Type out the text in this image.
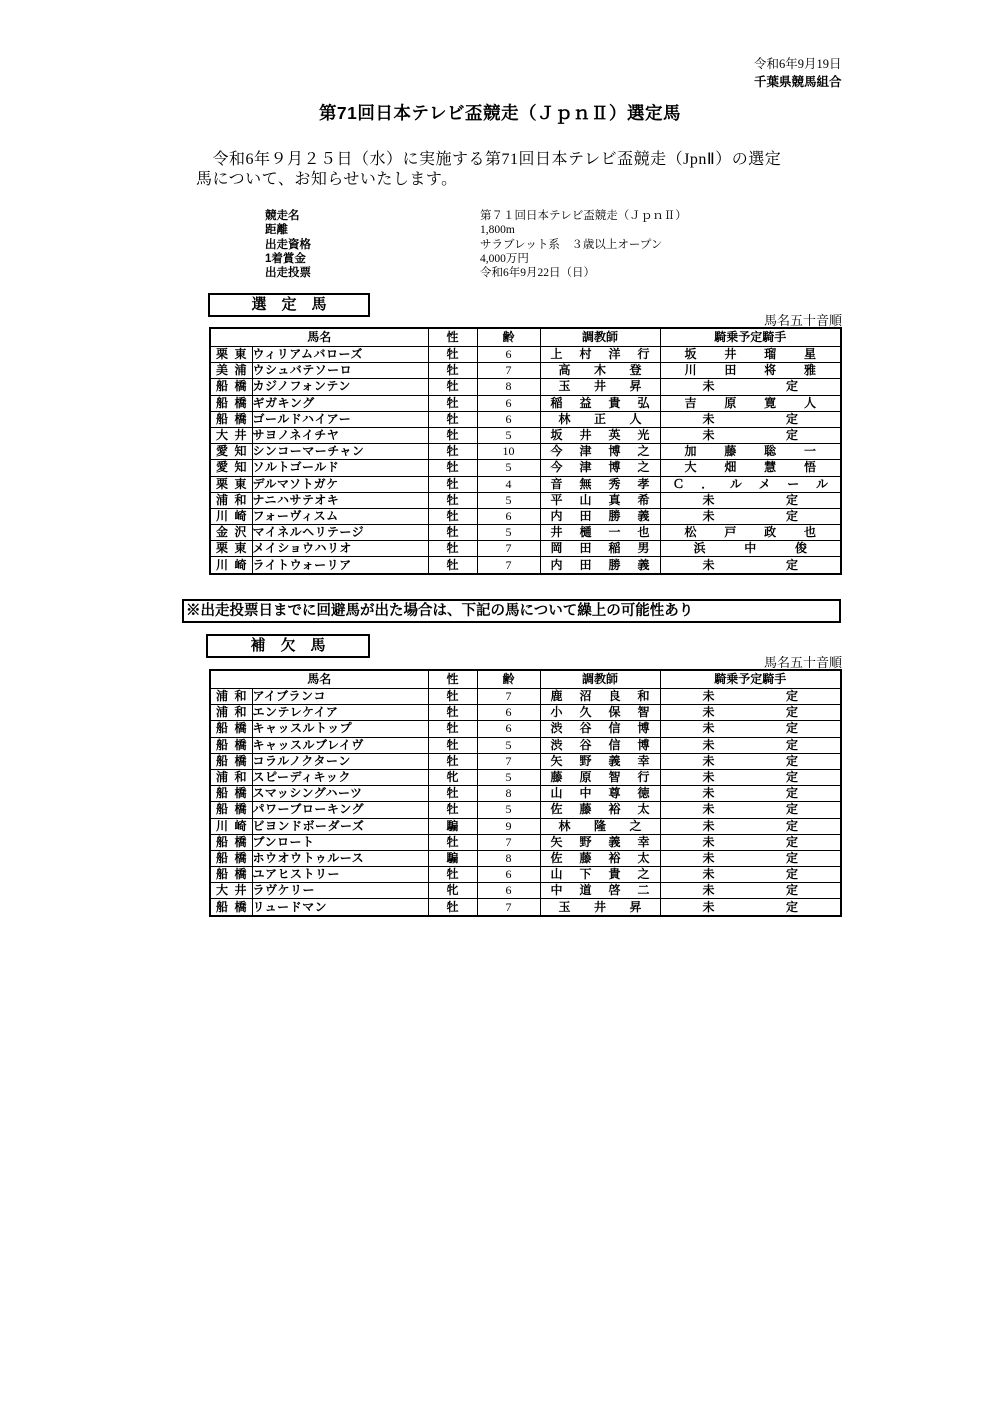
令和6年9月19日
千葉県競馬組合
第71回日本テレビ盃競走（ＪｐｎⅡ）選定馬
　令和6年９月２５日（水）に実施する第71回日本テレビ盃競走（JpnⅡ）の選定
馬について、お知らせいたします。
競走名	第７１回日本テレビ盃競走（ＪｐｎⅡ）
距離	1,800m
出走資格	サラブレット系　３歳以上オープン
1着賞金	4,000万円
出走投票	令和6年9月22日（日）
選　定　馬
馬名五十音順
馬名		性	齢	調教師	騎乗予定騎手

栗 東	ウィリアムバローズ	牡	6	上 村 洋 行	坂 井 瑠 星

美 浦	ウシュバテソーロ	牡	7	高 木 登	川 田 将 雅

船 橋	カジノフォンテン	牡	8	玉 井 昇	未 定

船 橋	ギガキング	牡	6	稲 益 貴 弘	吉 原 寛 人

船 橋	ゴールドハイアー	牡	6	林 正 人	未 定

大 井	サヨノネイチヤ	牡	5	坂 井 英 光	未 定

愛 知	シンコーマーチャン	牡	10	今 津 博 之	加 藤 聡 一

愛 知	ソルトゴールド	牡	5	今 津 博 之	大 畑 慧 悟

栗 東	デルマソトガケ	牡	4	音 無 秀 孝	Ｃ ． ル メ ー ル

浦 和	ナニハサテオキ	牡	5	平 山 真 希	未 定

川 崎	フォーヴィスム	牡	6	内 田 勝 義	未 定

金 沢	マイネルヘリテージ	牡	5	井 樋 一 也	松 戸 政 也

栗 東	メイショウハリオ	牡	7	岡 田 稲 男	浜 中 俊

川 崎	ライトウォーリア	牡	7	内 田 勝 義	未 定
※出走投票日までに回避馬が出た場合は、下記の馬について繰上の可能性あり
補　欠　馬
馬名五十音順
馬名		性	齢	調教師	騎乗予定騎手

浦 和	アイブランコ	牡	7	鹿 沼 良 和	未 定

浦 和	エンテレケイア	牡	6	小 久 保 智	未 定

船 橋	キャッスルトップ	牡	6	渋 谷 信 博	未 定

船 橋	キャッスルブレイヴ	牡	5	渋 谷 信 博	未 定

船 橋	コラルノクターン	牡	7	矢 野 義 幸	未 定

浦 和	スピーディキック	牝	5	藤 原 智 行	未 定

船 橋	スマッシングハーツ	牡	8	山 中 尊 徳	未 定

船 橋	パワーブローキング	牡	5	佐 藤 裕 太	未 定

川 崎	ビヨンドボーダーズ	騙	9	林 隆 之	未 定

船 橋	ブンロート	牡	7	矢 野 義 幸	未 定

船 橋	ホウオウトゥルース	騙	8	佐 藤 裕 太	未 定

船 橋	ユアヒストリー	牡	6	山 下 貴 之	未 定

大 井	ラヴケリー	牝	6	中 道 啓 二	未 定

船 橋	リュードマン	牡	7	玉 井 昇	未 定
